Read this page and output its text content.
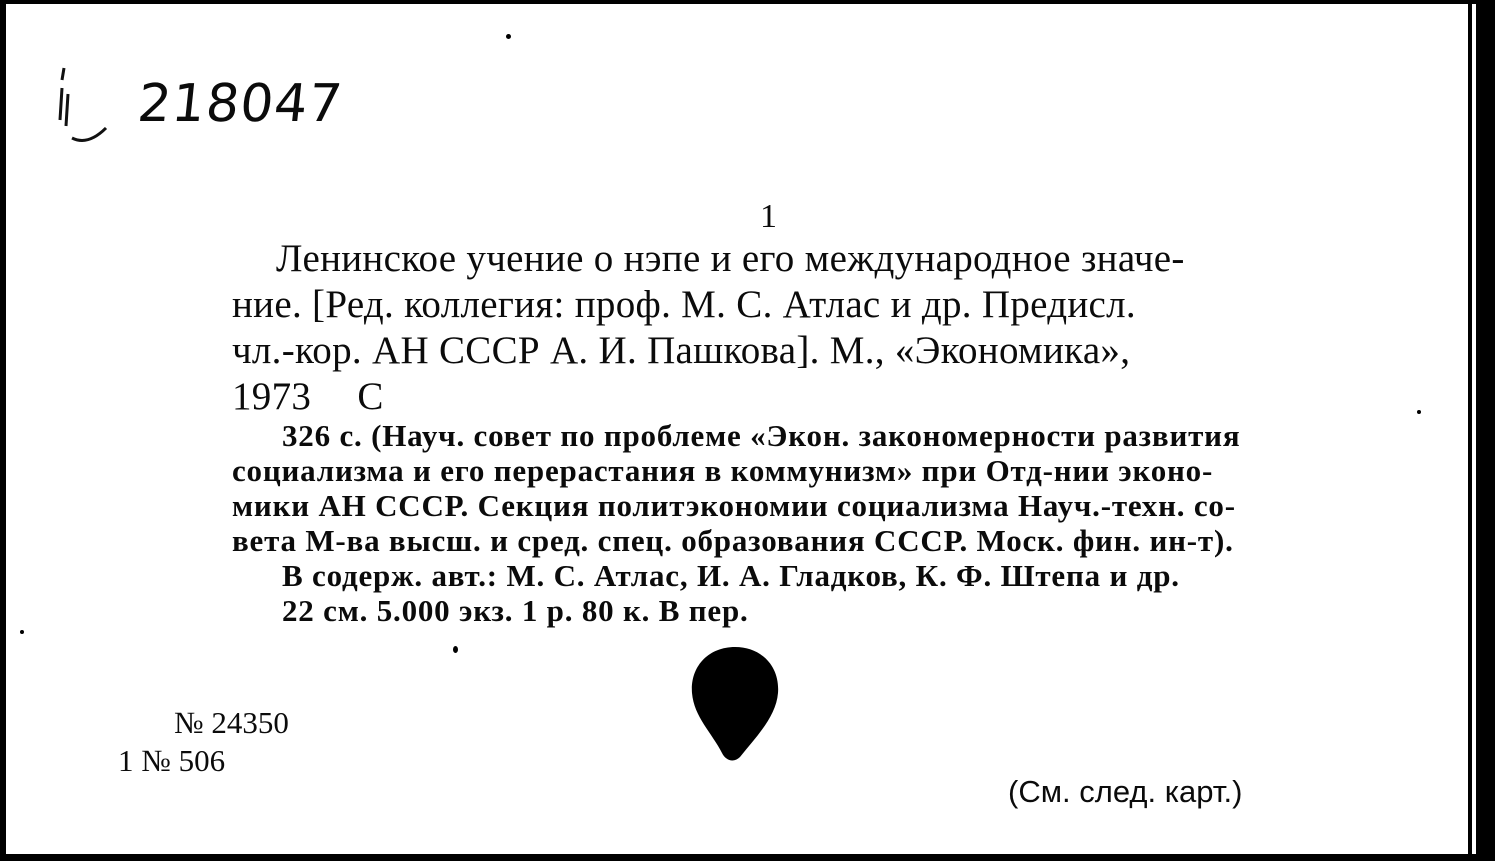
218047
1
Ленинское учение о нэпе и его международное значе-
ние. [Ред. коллегия: проф. М. С. Атлас и др. Предисл.
чл.-кор. АН СССР А. И. Пашкова]. М., «Экономика»,
1973 С
326 с. (Науч. совет по проблеме «Экон. закономерности развития
социализма и его перерастания в коммунизм» при Отд-нии эконо-
мики АН СССР. Секция политэкономии социализма Науч.-техн. со-
вета М-ва высш. и сред. спец. образования СССР. Моск. фин. ин-т).
В содерж. авт.: М. С. Атлас, И. А. Гладков, К. Ф. Штепа и др.
22 см. 5.000 экз. 1 р. 80 к. В пер.
№ 24350
1 № 506
(См. след. карт.)
